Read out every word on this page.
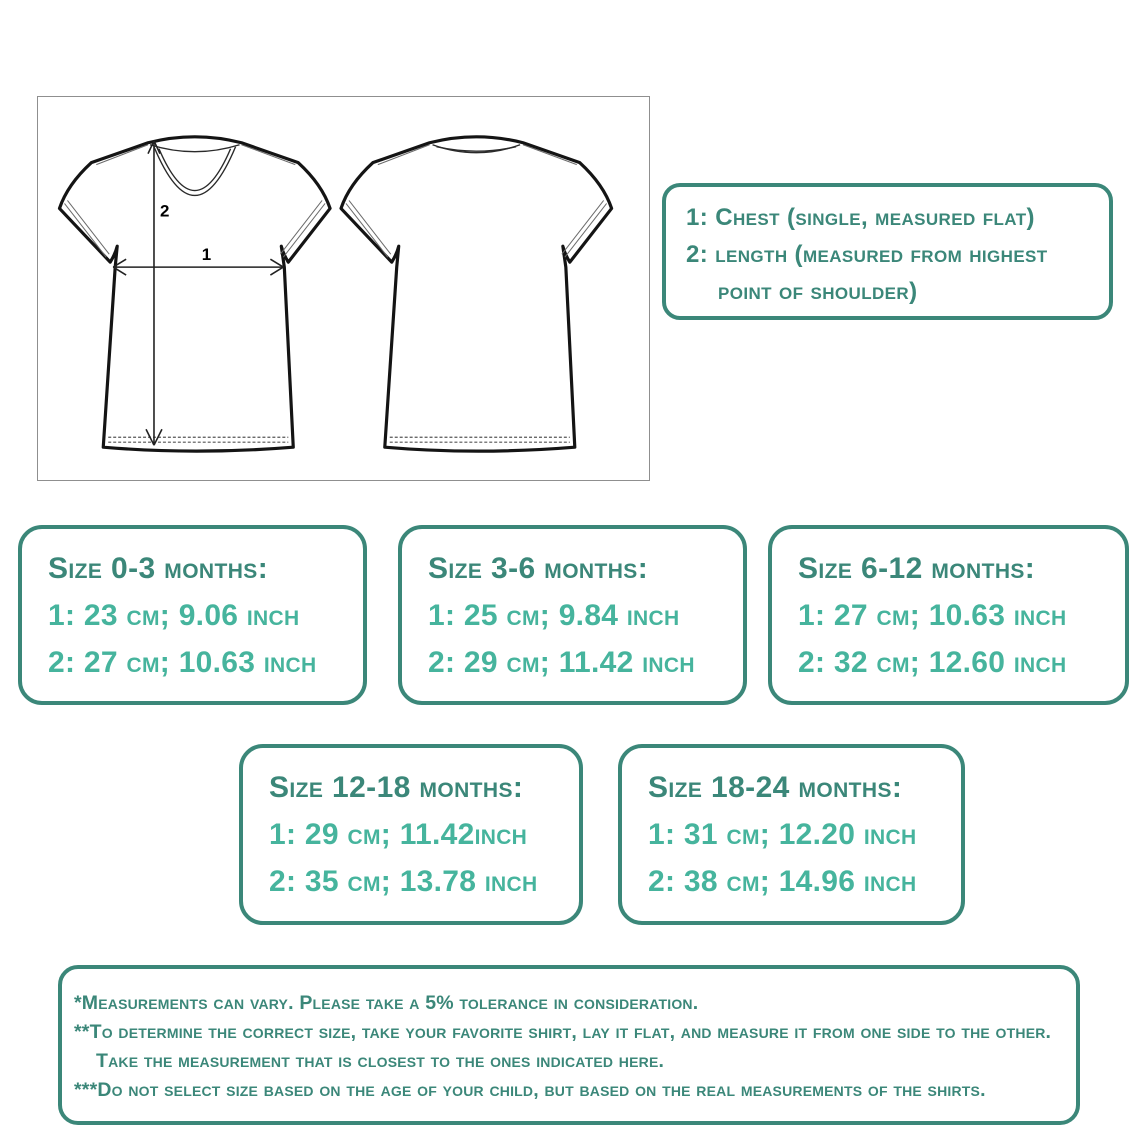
2
1
1: Chest (single, measured flat)
2: length (measured from highest
point of shoulder)
Size 0-3 months:
1: 23 cm; 9.06 inch
2: 27 cm; 10.63 inch
Size 3-6 months:
1: 25 cm; 9.84 inch
2: 29 cm; 11.42 inch
Size 6-12 months:
1: 27 cm; 10.63 inch
2: 32 cm; 12.60 inch
Size 12-18 months:
1: 29 cm; 11.42inch
2: 35 cm; 13.78 inch
Size 18-24 months:
1: 31 cm; 12.20 inch
2: 38 cm; 14.96 inch
*Measurements can vary. Please take a 5% tolerance in consideration.
**To determine the correct size, take your favorite shirt, lay it flat, and measure it from one side to the other.
Take the measurement that is closest to the ones indicated here.
***Do not select size based on the age of your child, but based on the real measurements of the shirts.
